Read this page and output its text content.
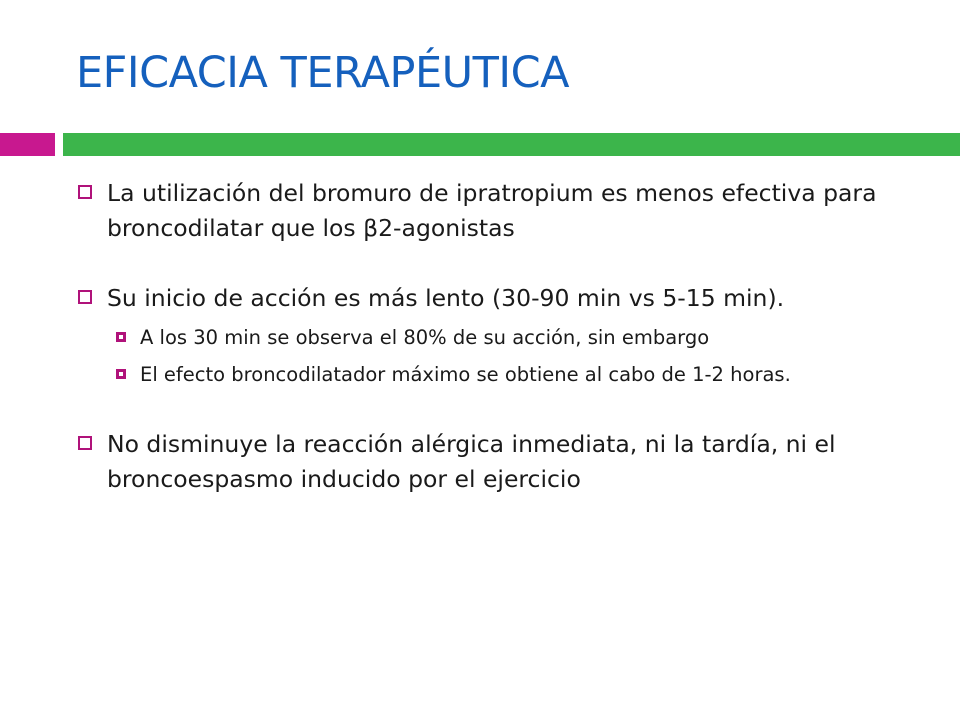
EFICACIA TERAPÉUTICA
La utilización del bromuro de ipratropium es menos efectiva para broncodilatar que los β2-agonistas
Su inicio de acción es más lento (30-90 min vs 5-15 min).
A los 30 min se observa el 80% de su acción, sin embargo
El efecto broncodilatador máximo se obtiene al cabo de 1-2 horas.
No disminuye la reacción alérgica inmediata, ni la tardía, ni el broncoespasmo inducido por el ejercicio
